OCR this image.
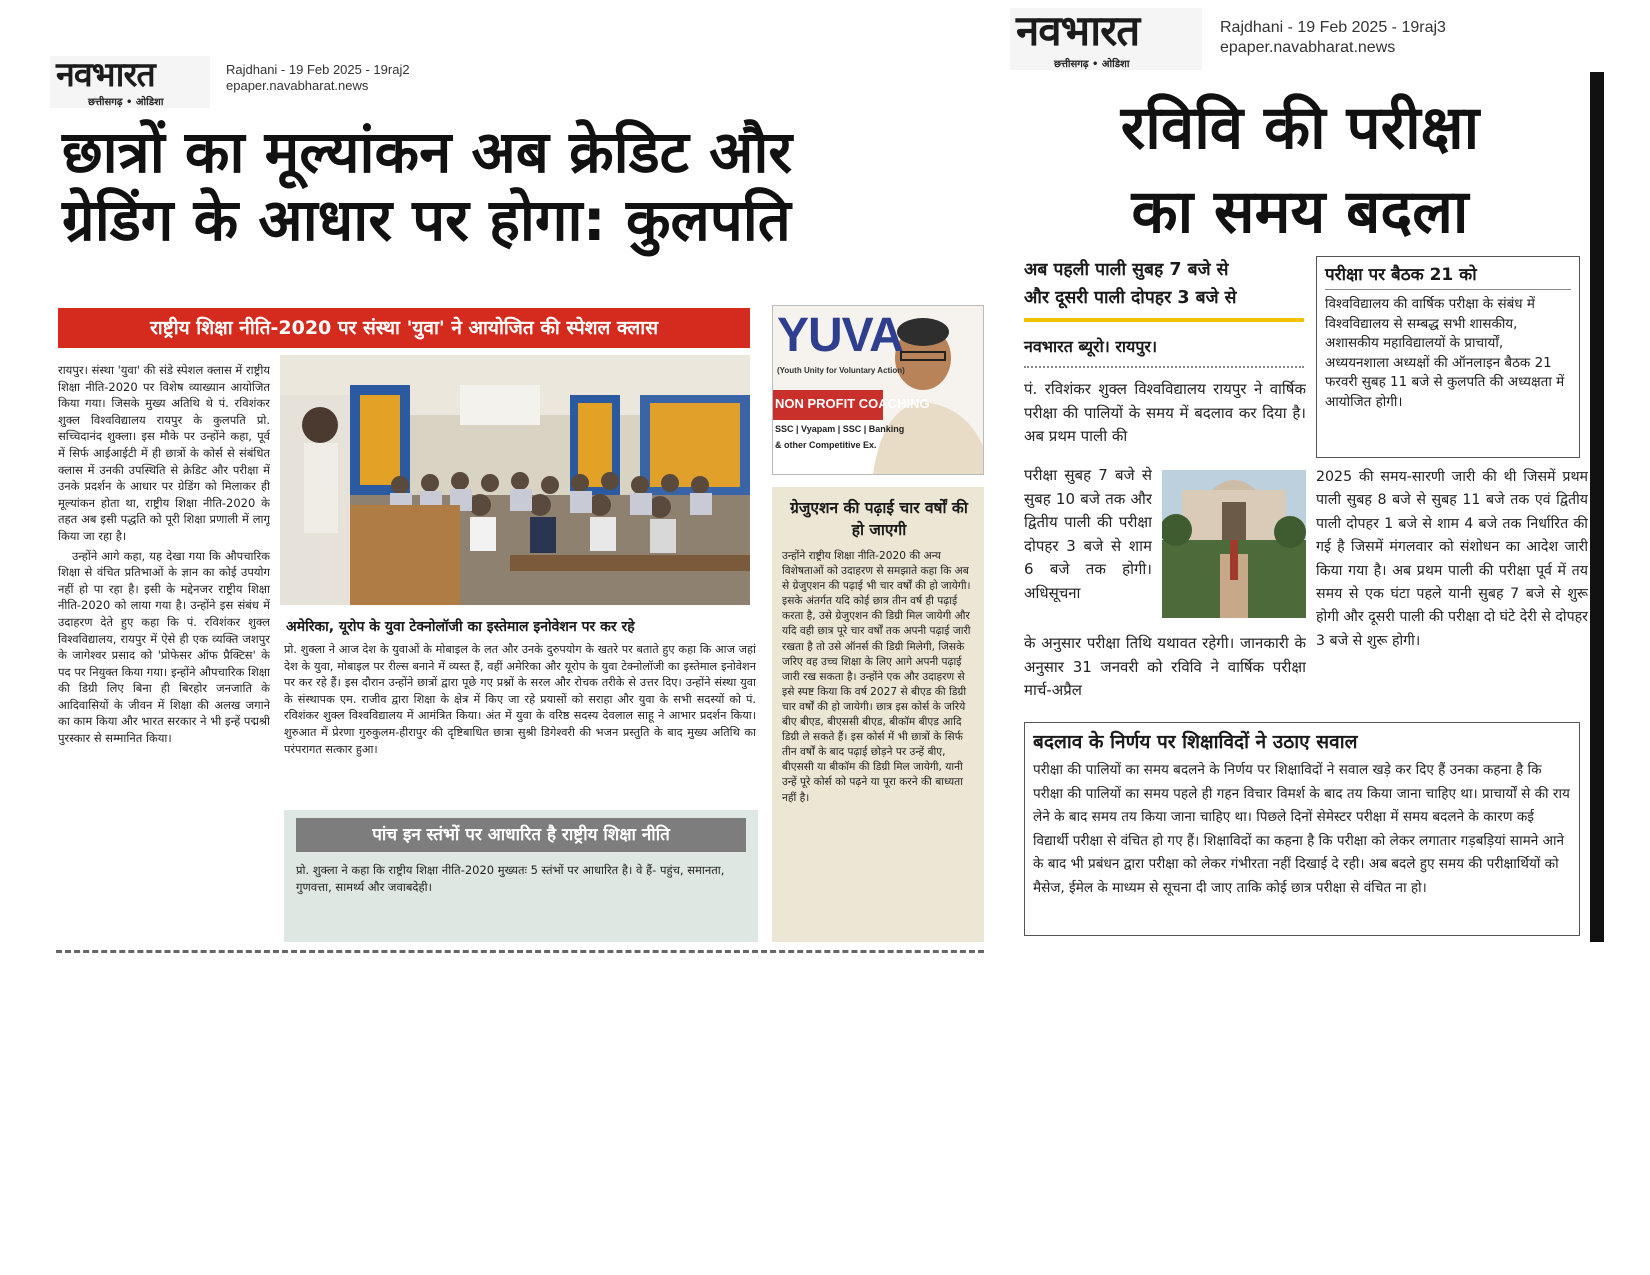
नवभारत
छत्तीसगढ़ • ओडिशा
Rajdhani - 19 Feb 2025 - 19raj2
epaper.navabharat.news
छात्रों का मूल्यांकन अब क्रेडिट और
ग्रेडिंग के आधार पर होगा: कुलपति
राष्ट्रीय शिक्षा नीति-2020 पर संस्था 'युवा' ने आयोजित की स्पेशल क्लास

रायपुर। संस्था 'युवा' की संडे स्पेशल क्लास में राष्ट्रीय शिक्षा नीति-2020 पर विशेष व्याख्यान आयोजित किया गया। जिसके मुख्य अतिथि थे पं. रविशंकर शुक्ल विश्वविद्यालय रायपुर के कुलपति प्रो. सच्चिदानंद शुक्ला। इस मौके पर उन्होंने कहा, पूर्व में सिर्फ आईआईटी में ही छात्रों के कोर्स से संबंधित क्लास में उनकी उपस्थिति से क्रेडिट और परीक्षा में उनके प्रदर्शन के आधार पर ग्रेडिंग को मिलाकर ही मूल्यांकन होता था, राष्ट्रीय शिक्षा नीति-2020 के तहत अब इसी पद्धति को पूरी शिक्षा प्रणाली में लागू किया जा रहा है।

उन्होंने आगे कहा, यह देखा गया कि औपचारिक शिक्षा से वंचित प्रतिभाओं के ज्ञान का कोई उपयोग नहीं हो पा रहा है। इसी के मद्देनजर राष्ट्रीय शिक्षा नीति-2020 को लाया गया है। उन्होंने इस संबंध में उदाहरण देते हुए कहा कि पं. रविशंकर शुक्ल विश्वविद्यालय, रायपुर में ऐसे ही एक व्यक्ति जशपुर के जागेश्वर प्रसाद को 'प्रोफेसर ऑफ प्रैक्टिस' के पद पर नियुक्त किया गया। इन्होंने औपचारिक शिक्षा की डिग्री लिए बिना ही बिरहोर जनजाति के आदिवासियों के जीवन में शिक्षा की अलख जगाने का काम किया और भारत सरकार ने भी इन्हें पद्मश्री पुरस्कार से सम्मानित किया।

अमेरिका, यूरोप के युवा टेक्नोलॉजी का इस्तेमाल इनोवेशन पर कर रहे
प्रो. शुक्ला ने आज देश के युवाओं के मोबाइल के लत और उनके दुरुपयोग के खतरे पर बताते हुए कहा कि आज जहां देश के युवा, मोबाइल पर रील्स बनाने में व्यस्त हैं, वहीं अमेरिका और यूरोप के युवा टेक्नोलॉजी का इस्तेमाल इनोवेशन पर कर रहे हैं। इस दौरान उन्होंने छात्रों द्वारा पूछे गए प्रश्नों के सरल और रोचक तरीके से उत्तर दिए। उन्होंने संस्था युवा के संस्थापक एम. राजीव द्वारा शिक्षा के क्षेत्र में किए जा रहे प्रयासों को सराहा और युवा के सभी सदस्यों को पं. रविशंकर शुक्ल विश्वविद्यालय में आमंत्रित किया। अंत में युवा के वरिष्ठ सदस्य देवलाल साहू ने आभार प्रदर्शन किया। शुरुआत में प्रेरणा गुरुकुलम-हीरापुर की दृष्टिबाधित छात्रा सुश्री डिगेश्वरी की भजन प्रस्तुति के बाद मुख्य अतिथि का परंपरागत सत्कार हुआ।
पांच इन स्तंभों पर आधारित है राष्ट्रीय शिक्षा नीति
प्रो. शुक्ला ने कहा कि राष्ट्रीय शिक्षा नीति-2020 मुख्यतः 5 स्तंभों पर आधारित है। वे हैं- पहुंच, समानता, गुणवत्ता, सामर्थ्य और जवाबदेही।
YUVA
(Youth Unity for Voluntary Action)
NON PROFIT COACHING
SSC | Vyapam | SSC | Banking
& other Competitive Ex.
ग्रेजुएशन की पढ़ाई चार वर्षों की हो जाएगी
उन्होंने राष्ट्रीय शिक्षा नीति-2020 की अन्य विशेषताओं को उदाहरण से समझाते कहा कि अब से ग्रेजुएशन की पढ़ाई भी चार वर्षों की हो जायेगी। इसके अंतर्गत यदि कोई छात्र तीन वर्ष ही पढ़ाई करता है, उसे ग्रेजुएशन की डिग्री मिल जायेगी और यदि वही छात्र पूरे चार वर्षों तक अपनी पढ़ाई जारी रखता है तो उसे ऑनर्स की डिग्री मिलेगी, जिसके जरिए वह उच्च शिक्षा के लिए आगे अपनी पढ़ाई जारी रख सकता है। उन्होंने एक और उदाहरण से इसे स्पष्ट किया कि वर्ष 2027 से बीएड की डिग्री चार वर्षों की हो जायेगी। छात्र इस कोर्स के जरिये बीए बीएड, बीएससी बीएड, बीकॉम बीएड आदि डिग्री ले सकते हैं। इस कोर्स में भी छात्रों के सिर्फ तीन वर्षों के बाद पढ़ाई छोड़ने पर उन्हें बीए, बीएससी या बीकॉम की डिग्री मिल जायेगी, यानी उन्हें पूरे कोर्स को पढ़ने या पूरा करने की बाध्यता नहीं है।
नवभारत
छत्तीसगढ़ • ओडिशा
Rajdhani - 19 Feb 2025 - 19raj3
epaper.navabharat.news
रविवि की परीक्षा
का समय बदला
अब पहली पाली सुबह 7 बजे से
और दूसरी पाली दोपहर 3 बजे से
नवभारत ब्यूरो। रायपुर।
पं. रविशंकर शुक्ल विश्वविद्यालय रायपुर ने वार्षिक परीक्षा की पालियों के समय में बदलाव कर दिया है। अब प्रथम पाली की
परीक्षा सुबह 7 बजे से सुबह 10 बजे तक और द्वितीय पाली की परीक्षा दोपहर 3 बजे से शाम 6 बजे तक होगी। अधिसूचना
के अनुसार परीक्षा तिथि यथावत रहेगी। जानकारी के अनुसार 31 जनवरी को रविवि ने वार्षिक परीक्षा मार्च-अप्रैल
परीक्षा पर बैठक 21 को
विश्वविद्यालय की वार्षिक परीक्षा के संबंध में विश्वविद्यालय से सम्बद्ध सभी शासकीय, अशासकीय महाविद्यालयों के प्राचार्यों, अध्ययनशाला अध्यक्षों की ऑनलाइन बैठक 21 फरवरी सुबह 11 बजे से कुलपति की अध्यक्षता में आयोजित होगी।
2025 की समय-सारणी जारी की थी जिसमें प्रथम पाली सुबह 8 बजे से सुबह 11 बजे तक एवं द्वितीय पाली दोपहर 1 बजे से शाम 4 बजे तक निर्धारित की गई है जिसमें मंगलवार को संशोधन का आदेश जारी किया गया है। अब प्रथम पाली की परीक्षा पूर्व में तय समय से एक घंटा पहले यानी सुबह 7 बजे से शुरू होगी और दूसरी पाली की परीक्षा दो घंटे देरी से दोपहर 3 बजे से शुरू होगी।
बदलाव के निर्णय पर शिक्षाविदों ने उठाए सवाल
परीक्षा की पालियों का समय बदलने के निर्णय पर शिक्षाविदों ने सवाल खड़े कर दिए हैं उनका कहना है कि परीक्षा की पालियों का समय पहले ही गहन विचार विमर्श के बाद तय किया जाना चाहिए था। प्राचार्यों से की राय लेने के बाद समय तय किया जाना चाहिए था। पिछले दिनों सेमेस्टर परीक्षा में समय बदलने के कारण कई विद्यार्थी परीक्षा से वंचित हो गए हैं। शिक्षाविदों का कहना है कि परीक्षा को लेकर लगातार गड़बड़ियां सामने आने के बाद भी प्रबंधन द्वारा परीक्षा को लेकर गंभीरता नहीं दिखाई दे रही। अब बदले हुए समय की परीक्षार्थियों को मैसेज, ईमेल के माध्यम से सूचना दी जाए ताकि कोई छात्र परीक्षा से वंचित ना हो।
